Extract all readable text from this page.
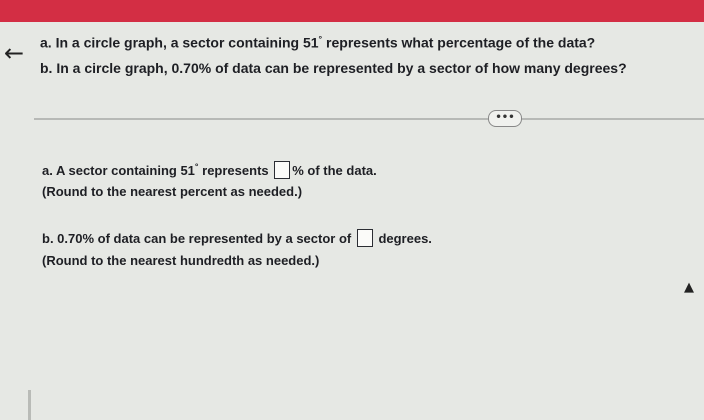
← a. In a circle graph, a sector containing 51° represents what percentage of the data?
b. In a circle graph, 0.70% of data can be represented by a sector of how many degrees?
•••
a. A sector containing 51° represents % of the data.
(Round to the nearest percent as needed.)
b. 0.70% of data can be represented by a sector of  degrees.
(Round to the nearest hundredth as needed.)
▲
